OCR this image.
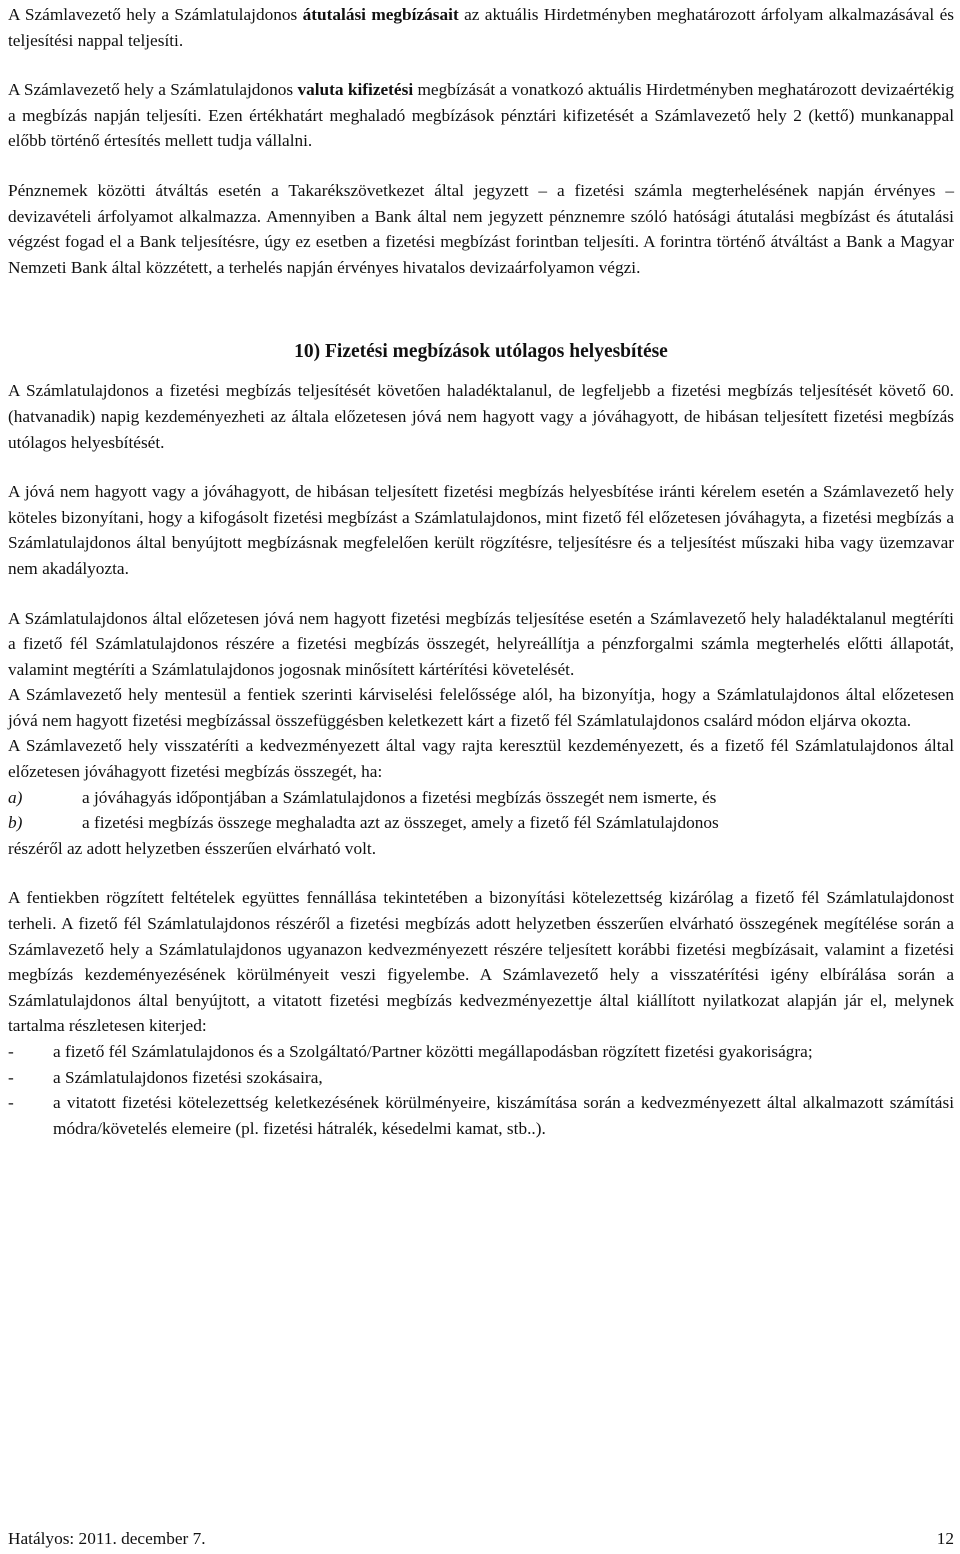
A Számlavezető hely a Számlatulajdonos átutalási megbízásait az aktuális Hirdetményben meghatározott árfolyam alkalmazásával és teljesítési nappal teljesíti.

A Számlavezető hely a Számlatulajdonos valuta kifizetési megbízását a vonatkozó aktuális Hirdetményben meghatározott devizaértékig a megbízás napján teljesíti. Ezen értékhatárt meghaladó megbízások pénztári kifizetését a Számlavezető hely 2 (kettő) munkanappal előbb történő értesítés mellett tudja vállalni.

Pénznemek közötti átváltás esetén a Takarékszövetkezet által jegyzett – a fizetési számla megterhelésének napján érvényes – devizavételi árfolyamot alkalmazza. Amennyiben a Bank által nem jegyzett pénznemre szóló hatósági átutalási megbízást és átutalási végzést fogad el a Bank teljesítésre, úgy ez esetben a fizetési megbízást forintban teljesíti. A forintra történő átváltást a Bank a Magyar Nemzeti Bank által közzétett, a terhelés napján érvényes hivatalos devizaárfolyamon végzi.

10) Fizetési megbízások utólagos helyesbítése

A Számlatulajdonos a fizetési megbízás teljesítését követően haladéktalanul, de legfeljebb a fizetési megbízás teljesítését követő 60. (hatvanadik) napig kezdeményezheti az általa előzetesen jóvá nem hagyott vagy a jóváhagyott, de hibásan teljesített fizetési megbízás utólagos helyesbítését.

A jóvá nem hagyott vagy a jóváhagyott, de hibásan teljesített fizetési megbízás helyesbítése iránti kérelem esetén a Számlavezető hely köteles bizonyítani, hogy a kifogásolt fizetési megbízást a Számlatulajdonos, mint fizető fél előzetesen jóváhagyta, a fizetési megbízás a Számlatulajdonos által benyújtott megbízásnak megfelelően került rögzítésre, teljesítésre és a teljesítést műszaki hiba vagy üzemzavar nem akadályozta.

A Számlatulajdonos által előzetesen jóvá nem hagyott fizetési megbízás teljesítése esetén a Számlavezető hely haladéktalanul megtéríti a fizető fél Számlatulajdonos részére a fizetési megbízás összegét, helyreállítja a pénzforgalmi számla megterhelés előtti állapotát, valamint megtéríti a Számlatulajdonos jogosnak minősített kártérítési követelését.

A Számlavezető hely mentesül a fentiek szerinti kárviselési felelőssége alól, ha bizonyítja, hogy a Számlatulajdonos által előzetesen jóvá nem hagyott fizetési megbízással összefüggésben keletkezett kárt a fizető fél Számlatulajdonos csalárd módon eljárva okozta.

A Számlavezető hely visszatéríti a kedvezményezett által vagy rajta keresztül kezdeményezett, és a fizető fél Számlatulajdonos által előzetesen jóváhagyott fizetési megbízás összegét, ha:

a)	a jóváhagyás időpontjában a Számlatulajdonos a fizetési megbízás összegét nem ismerte, és

b)	a fizetési megbízás összege meghaladta azt az összeget, amely a fizető fél Számlatulajdonos

részéről az adott helyzetben ésszerűen elvárható volt.

A fentiekben rögzített feltételek együttes fennállása tekintetében a bizonyítási kötelezettség kizárólag a fizető fél Számlatulajdonost terheli. A fizető fél Számlatulajdonos részéről a fizetési megbízás adott helyzetben ésszerűen elvárható összegének megítélése során a Számlavezető hely a Számlatulajdonos ugyanazon kedvezményezett részére teljesített korábbi fizetési megbízásait, valamint a fizetési megbízás kezdeményezésének körülményeit veszi figyelembe. A Számlavezető hely a visszatérítési igény elbírálása során a Számlatulajdonos által benyújtott, a vitatott fizetési megbízás kedvezményezettje által kiállított nyilatkozat alapján jár el, melynek tartalma részletesen kiterjed:

-	a fizető fél Számlatulajdonos és a Szolgáltató/Partner közötti megállapodásban rögzített fizetési gyakoriságra;

-	a Számlatulajdonos fizetési szokásaira,

-	a vitatott fizetési kötelezettség keletkezésének körülményeire, kiszámítása során a kedvezményezett által alkalmazott számítási módra/követelés elemeire (pl. fizetési hátralék, késedelmi kamat, stb..).

Hatályos: 2011. december 7.	12
